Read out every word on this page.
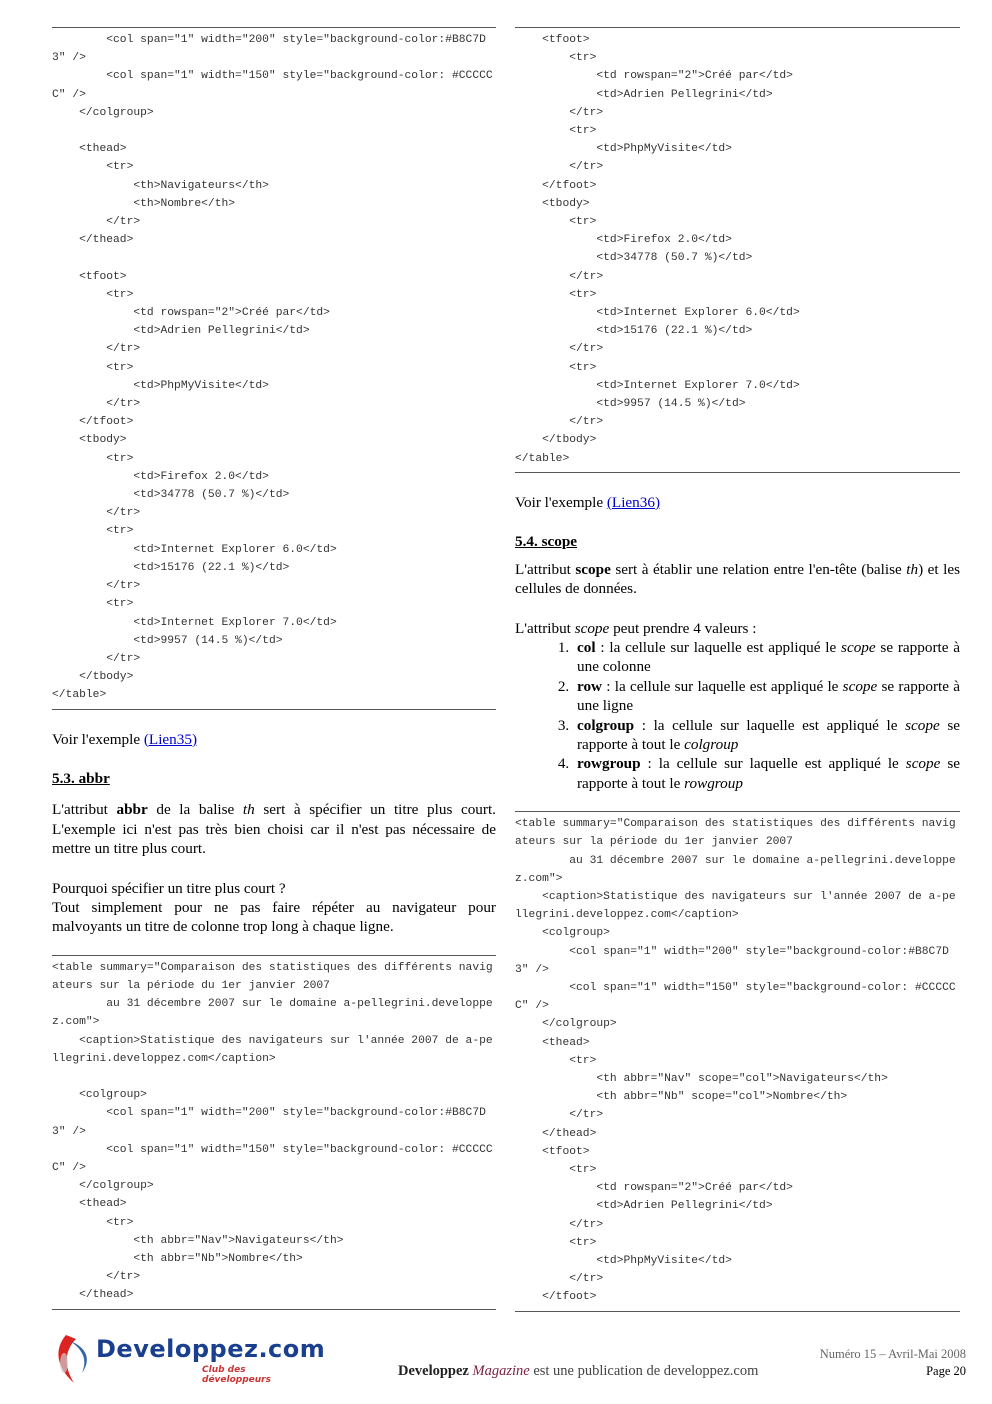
<col span="1" width="200" style="background-color:#B8C7D3" />
<col span="1" width="150" style="background-color: #CCCCCC" />
</colgroup>

<thead>
<tr>
<th>Navigateurs</th>
<th>Nombre</th>
</tr>
</thead>

<tfoot>
<tr>
<td rowspan="2">Créé par</td>
<td>Adrien Pellegrini</td>
</tr>
<tr>
<td>PhpMyVisite</td>
</tr>
</tfoot>
<tbody>
<tr>
<td>Firefox 2.0</td>
<td>34778 (50.7 %)</td>
</tr>
<tr>
<td>Internet Explorer 6.0</td>
<td>15176 (22.1 %)</td>
</tr>
<tr>
<td>Internet Explorer 7.0</td>
<td>9957 (14.5 %)</td>
</tr>
</tbody>
</table>

Voir l'exemple (Lien35)

5.3. abbr

L'attribut abbr de la balise th sert à spécifier un titre plus court. L'exemple ici n'est pas très bien choisi car il n'est pas nécessaire de mettre un titre plus court.

Pourquoi spécifier un titre plus court ?

Tout simplement pour ne pas faire répéter au navigateur pour malvoyants un titre de colonne trop long à chaque ligne.

<table summary="Comparaison des statistiques des différents navigateurs sur la période du 1er janvier 2007
au 31 décembre 2007 sur le domaine a-pellegrini.developpez.com">
<caption>Statistique des navigateurs sur l'année 2007 de a-pellegrini.developpez.com</caption>

<colgroup>
<col span="1" width="200" style="background-color:#B8C7D3" />
<col span="1" width="150" style="background-color: #CCCCCC" />
</colgroup>
<thead>
<tr>
<th abbr="Nav">Navigateurs</th>
<th abbr="Nb">Nombre</th>
</tr>
</thead>

<tfoot>
<tr>
<td rowspan="2">Créé par</td>
<td>Adrien Pellegrini</td>
</tr>
<tr>
<td>PhpMyVisite</td>
</tr>
</tfoot>
<tbody>
<tr>
<td>Firefox 2.0</td>
<td>34778 (50.7 %)</td>
</tr>
<tr>
<td>Internet Explorer 6.0</td>
<td>15176 (22.1 %)</td>
</tr>
<tr>
<td>Internet Explorer 7.0</td>
<td>9957 (14.5 %)</td>
</tr>
</tbody>
</table>

Voir l'exemple (Lien36)

5.4. scope

L'attribut scope sert à établir une relation entre l'en-tête (balise th) et les cellules de données.

L'attribut scope peut prendre 4 valeurs :

1. col : la cellule sur laquelle est appliqué le scope se rapporte à une colonne
2. row : la cellule sur laquelle est appliqué le scope se rapporte à une ligne
3. colgroup : la cellule sur laquelle est appliqué le scope se rapporte à tout le colgroup
4. rowgroup : la cellule sur laquelle est appliqué le scope se rapporte à tout le rowgroup
<table summary="Comparaison des statistiques des différents navigateurs sur la période du 1er janvier 2007
au 31 décembre 2007 sur le domaine a-pellegrini.developpez.com">
<caption>Statistique des navigateurs sur l'année 2007 de a-pellegrini.developpez.com</caption>
<colgroup>
<col span="1" width="200" style="background-color:#B8C7D3" />
<col span="1" width="150" style="background-color: #CCCCCC" />
</colgroup>
<thead>
<tr>
<th abbr="Nav" scope="col">Navigateurs</th>
<th abbr="Nb" scope="col">Nombre</th>
</tr>
</thead>
<tfoot>
<tr>
<td rowspan="2">Créé par</td>
<td>Adrien Pellegrini</td>
</tr>
<tr>
<td>PhpMyVisite</td>
</tr>
</tfoot>

Developpez.com
Club des développeurs
Developpez Magazine est une publication de developpez.com
Numéro 15 – Avril-Mai 2008
Page 20
